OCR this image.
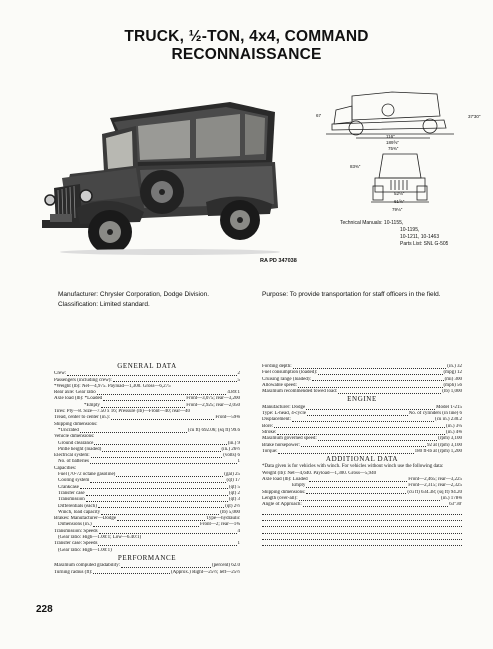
TRUCK, ½-TON, 4x4, COMMAND
RECONNAISSANCE
RA PD 347038
67	37'30"
116"
189⅝"
75⅜"
83⅜"
52⅛"
61⅝"
79⅛"
Technical Manuals:
10-1155,
10-1195,
10-1211, 10-1463
Parts List: SNL G-505
Manufacturer: Chrysler Corporation, Dodge Division.
Classification: Limited standard.
Purpose: To provide transportation for staff officers in the field.
GENERAL DATA
Crew:	2
Passengers (including crew):	5
*Weight (lb): Net—4,975. Payload—1,300. Gross—6,275
Rear axle: Gear ratio	4.89:1
Axle load (lb): *Loaded	Front—3,075; rear—3,200
*Empty	Front—2,925; rear—2,050
Tires: Ply—8. Size—7.50 x 16; Pressure (lb)—Front—40; rear—40
Tread, center to center (in.):	Front—59⅝
Shipping dimensions:
*Uncrated	(cu ft) 692.06; (sq ft) 99.6
Vehicle dimensions:
Ground clearance	(in.) 9
Pintle height (loaded)	(in.) 26½
Electrical system:	(volts) 6
No. of batteries	1
Capacities:
Fuel (70-72 octane gasoline)	(gal) 25
Cooling system	(qt) 17
Crankcase	(qt) 5
Transfer case	(qt) 2
Transmission	(qt) 3
Differentials (each)	(qt) 2½
Winch, load capacity	(lb) 5,000
Brakes: Manufacturer—Dodge	Type—hydraulic
Dimensions (in.)	Front—2; rear—1¾
Transmission: Speeds	4
(Gear ratio: High—1.00:1; Low—6.40:1)
Transfer case: Speeds	1
(Gear ratio: High—1.00:1)
PERFORMANCE
Maximum computed gradability:	(percent) 62.0
Turning radius (ft):	(Approx.) Right—25½; left—25½
Fording depth:	(in.) 32
Fuel consumption (loaded):	(mpg) 12
Cruising range (loaded):	(mi) 300
Allowable speed:	(mph) 56
Maximum recommended towed load:	(lb) 1,000
ENGINE
Manufacturer: Dodge	Model T-215
Type: L-head, 4-cycle	No. of cylinders (in line) 6
Displacement:	(cu in.) 230.2
Bore:	(in.) 3¼
Stroke:	(in.) 4⅝
Maximum governed speed:	(rpm) 3,100
Brake horsepower:	92 at (rpm) 3,100
Torque:	180 ft-lb at (rpm) 1,200
ADDITIONAL DATA
*Data given is for vehicles with winch. For vehicles without winch use the following data:
Weight (lb): Net—4,640. Payload—1,300. Gross—5,940
Axle load (lb): Loaded	Front—2,465; rear—3,225
Empty	Front—2,315; rear—2,325
Shipping dimensions:	(cu ft) 634.38; (sq ft) 94.20
Length (over-all):	(in.) 178⅝
Angle of Approach:	63°30'
228
